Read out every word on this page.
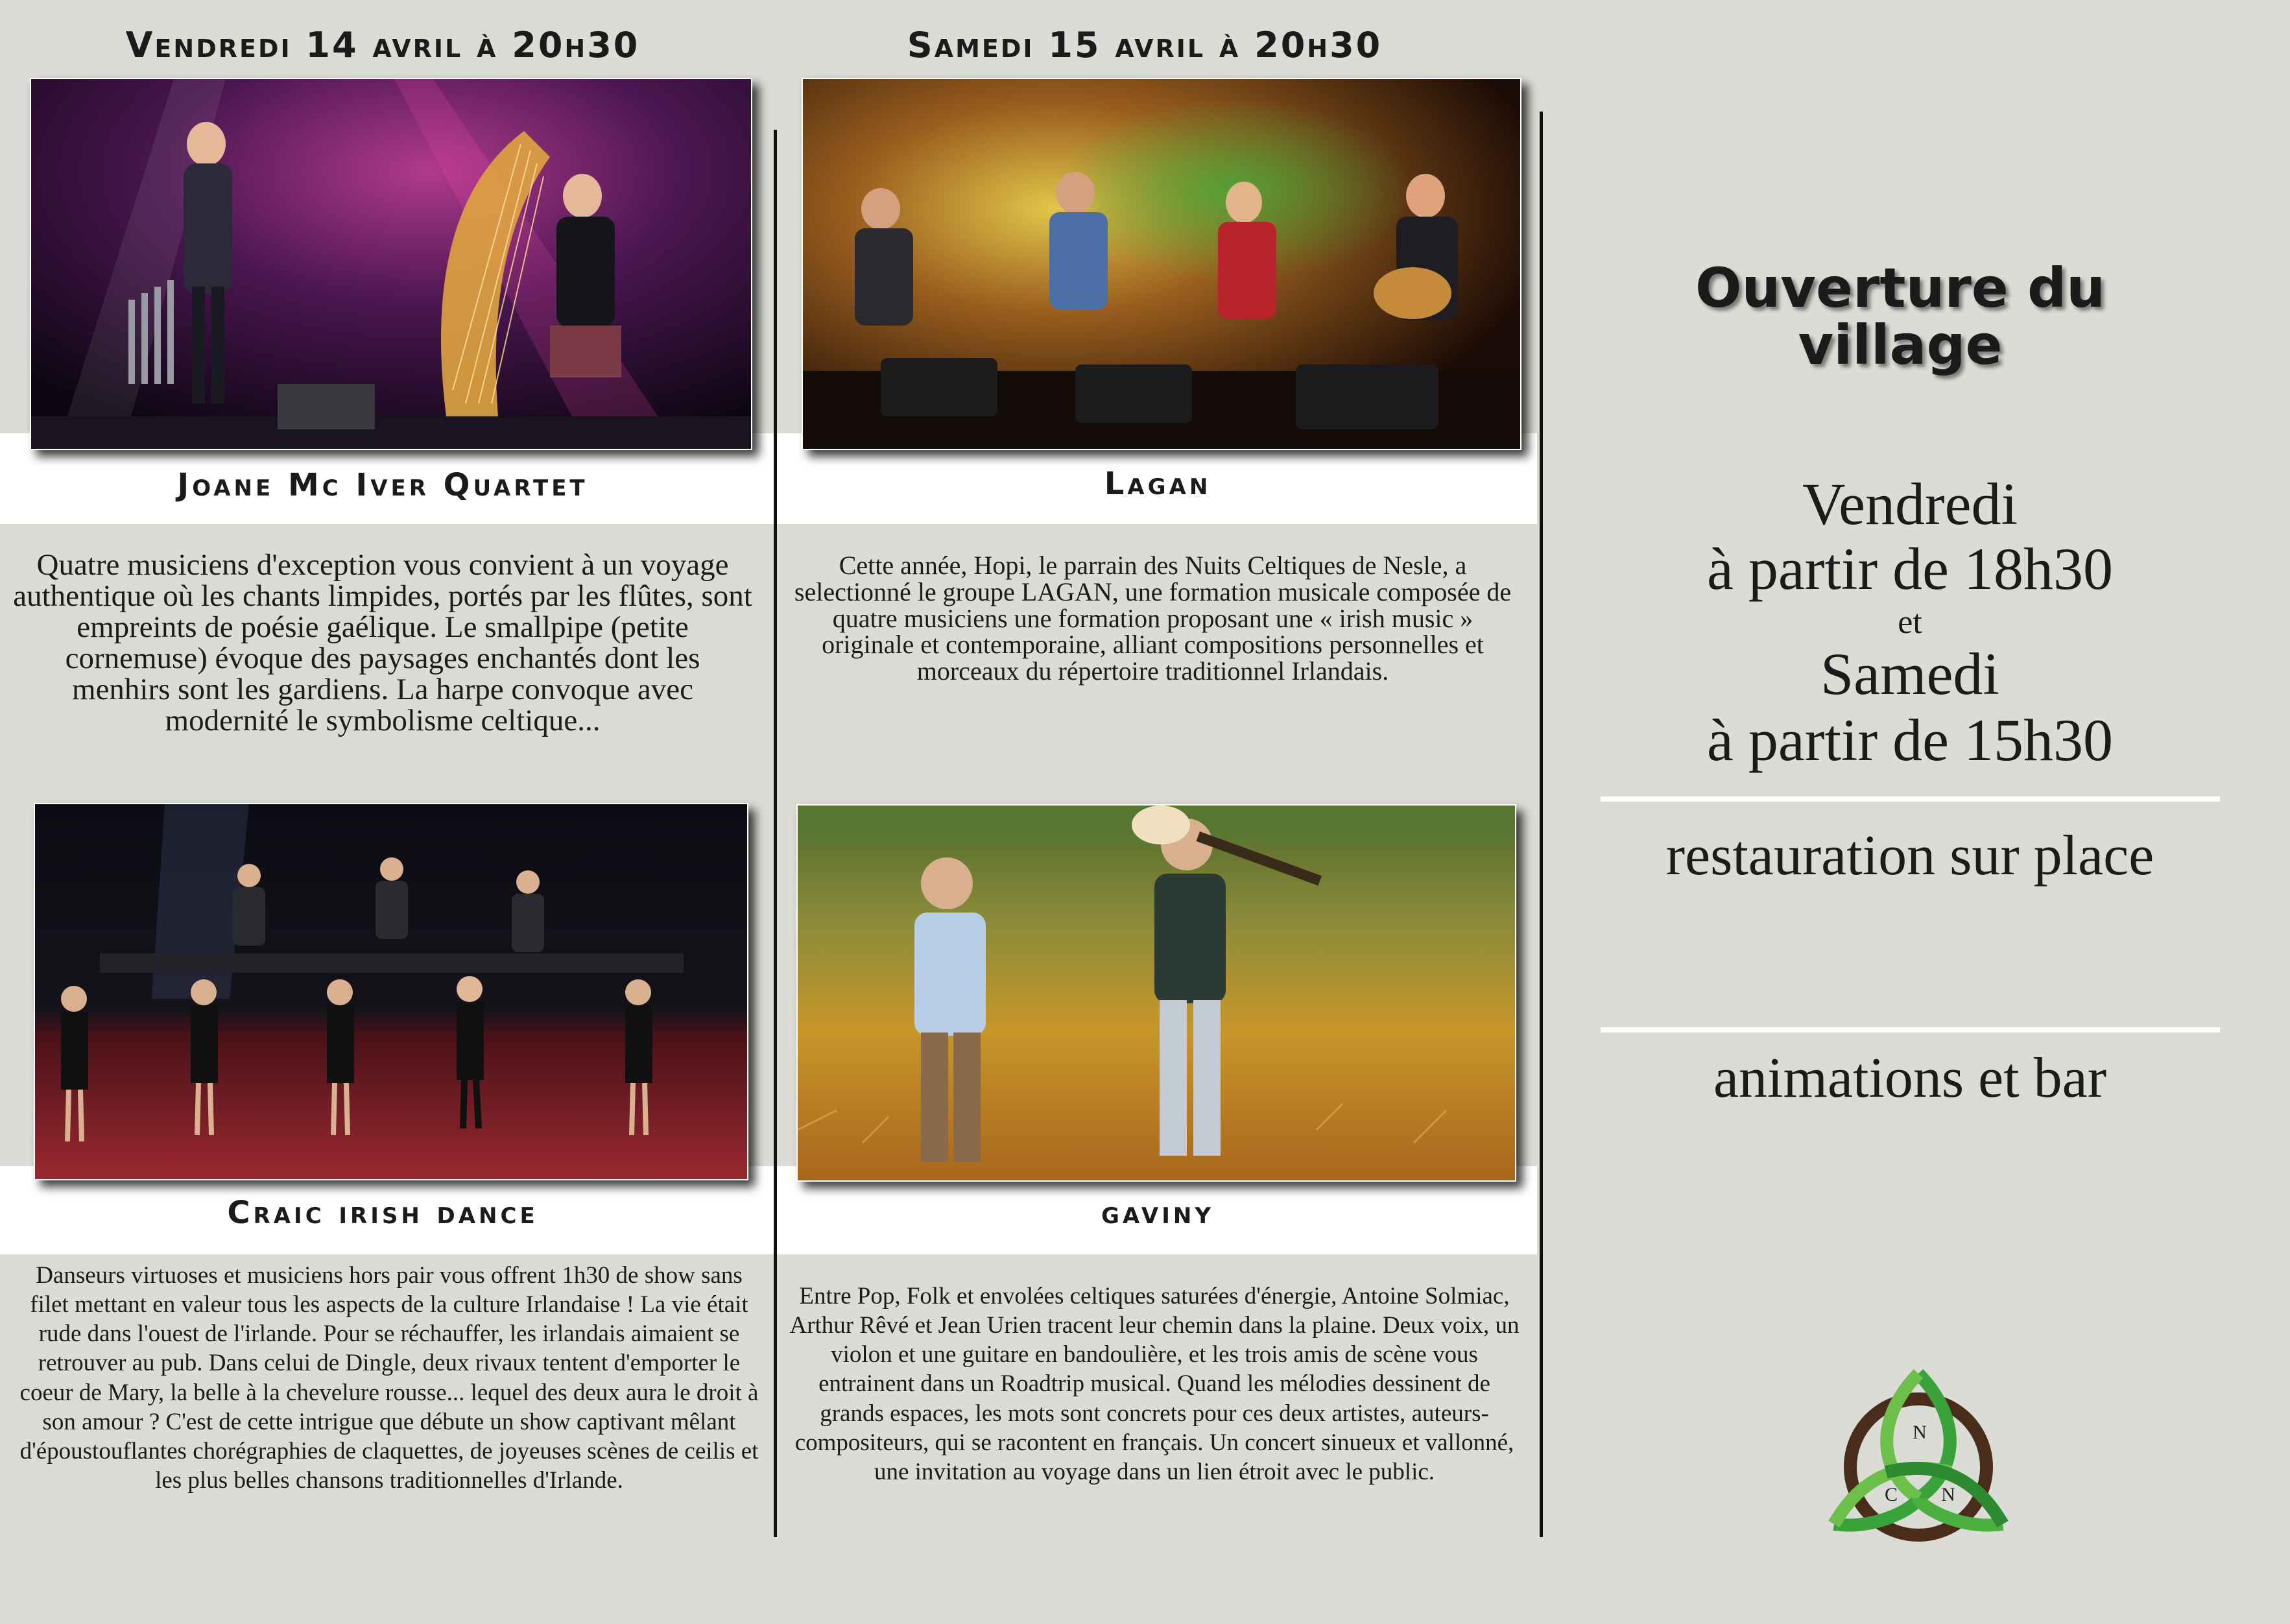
Vendredi 14 avril à 20h30	Samedi 15 avril à 20h30
Joane Mc Iver Quartet	Lagan
Craic irish dance	gaviny
Quatre musiciens d'exception vous convient à un voyage authentique où les chants limpides, portés par les flûtes, sont empreints de poésie gaélique. Le smallpipe (petite cornemuse) évoque des paysages enchantés dont les menhirs sont les gardiens. La harpe convoque avec modernité le symbolisme celtique...
Cette année, Hopi, le parrain des Nuits Celtiques de Nesle, a selectionné le groupe LAGAN, une formation musicale composée de quatre musiciens une formation proposant une « irish music » originale et contemporaine, alliant compositions personnelles et morceaux du répertoire traditionnel Irlandais.
Danseurs virtuoses et musiciens hors pair vous offrent 1h30 de show sans filet mettant en valeur tous les aspects de la culture Irlandaise ! La vie était rude dans l'ouest de l'irlande. Pour se réchauffer, les irlandais aimaient se retrouver au pub. Dans celui de Dingle, deux rivaux tentent d'emporter le coeur de Mary, la belle à la chevelure rousse... lequel des deux aura le droit à son amour ? C'est de cette intrigue que débute un show captivant mêlant d'époustouflantes chorégraphies de claquettes, de joyeuses scènes de ceilis et les plus belles chansons traditionnelles d'Irlande.
Entre Pop, Folk et envolées celtiques saturées d'énergie, Antoine Solmiac, Arthur Rêvé et Jean Urien tracent leur chemin dans la plaine. Deux voix, un violon et une guitare en bandoulière, et les trois amis de scène vous entrainent dans un Roadtrip musical. Quand les mélodies dessinent de grands espaces, les mots sont concrets pour ces deux artistes, auteurs-compositeurs, qui se racontent en français. Un concert sinueux et vallonné, une invitation au voyage dans un lien étroit avec le public.
Ouverture du village
Vendredi
à partir de 18h30
et
Samedi
à partir de 15h30
restauration sur place
animations et bar
N
C N
